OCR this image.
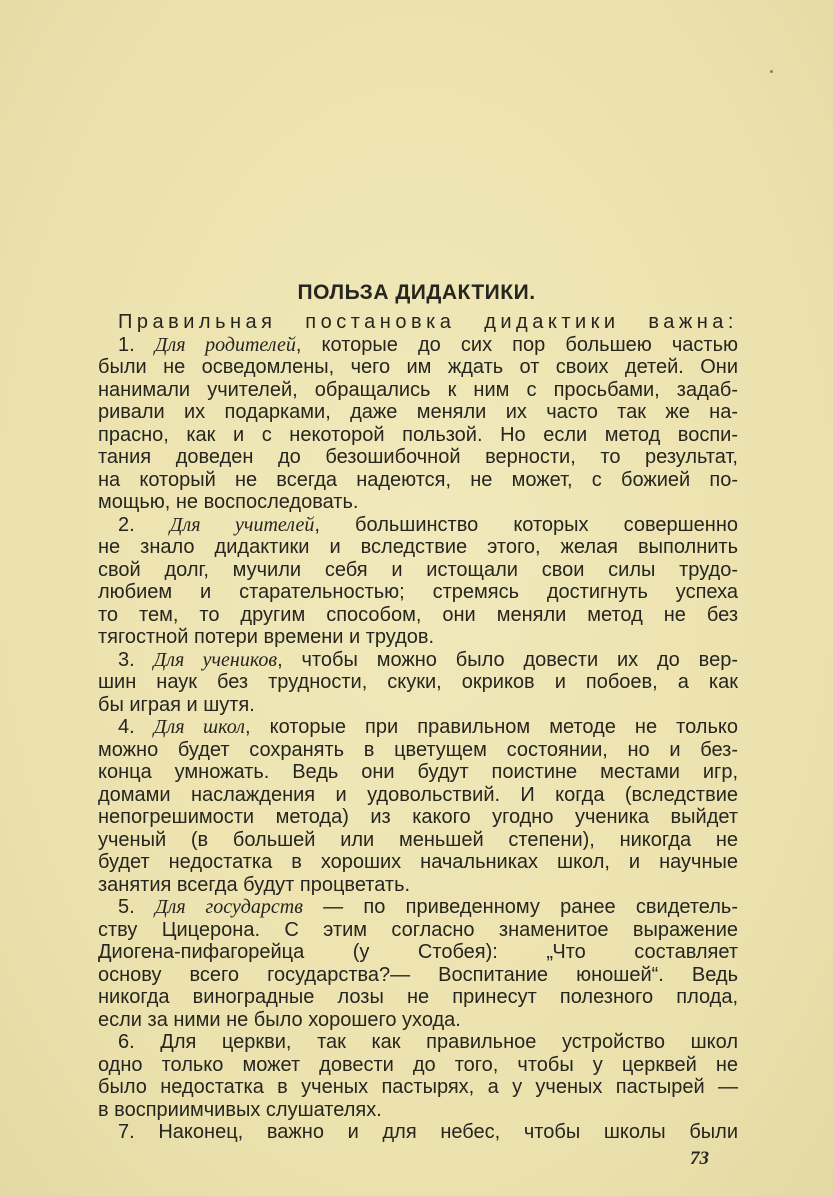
ПОЛЬЗА ДИДАКТИКИ.
Правильная постановка дидактики важна:
1. Для родителей, которые до сих пор большею частью
были не осведомлены, чего им ждать от своих детей. Они
нанимали учителей, обращались к ним с просьбами, задаб-
ривали их подарками, даже меняли их часто так же на-
прасно, как и с некоторой пользой. Но если метод воспи-
тания доведен до безошибочной верности, то результат,
на который не всегда надеются, не может, с божией по-
мощью, не воспоследовать.
2. Для учителей, большинство которых совершенно
не знало дидактики и вследствие этого, желая выполнить
свой долг, мучили себя и истощали свои силы трудо-
любием и старательностью; стремясь достигнуть успеха
то тем, то другим способом, они меняли метод не без
тягостной потери времени и трудов.
3. Для учеников, чтобы можно было довести их до вер-
шин наук без трудности, скуки, окриков и побоев, а как
бы играя и шутя.
4. Для школ, которые при правильном методе не только
можно будет сохранять в цветущем состоянии, но и без-
конца умножать. Ведь они будут поистине местами игр,
домами наслаждения и удовольствий. И когда (вследствие
непогрешимости метода) из какого угодно ученика выйдет
ученый (в большей или меньшей степени), никогда не
будет недостатка в хороших начальниках школ, и научные
занятия всегда будут процветать.
5. Для государств — по приведенному ранее свидетель-
ству Цицерона. С этим согласно знаменитое выражение
Диогена-пифагорейца (у Стобея): „Что составляет
основу всего государства?— Воспитание юношей“. Ведь
никогда виноградные лозы не принесут полезного плода,
если за ними не было хорошего ухода.
6. Для церкви, так как правильное устройство школ
одно только может довести до того, чтобы у церквей не
было недостатка в ученых пастырях, а у ученых пастырей —
в восприимчивых слушателях.
7. Наконец, важно и для небес, чтобы школы были
73
